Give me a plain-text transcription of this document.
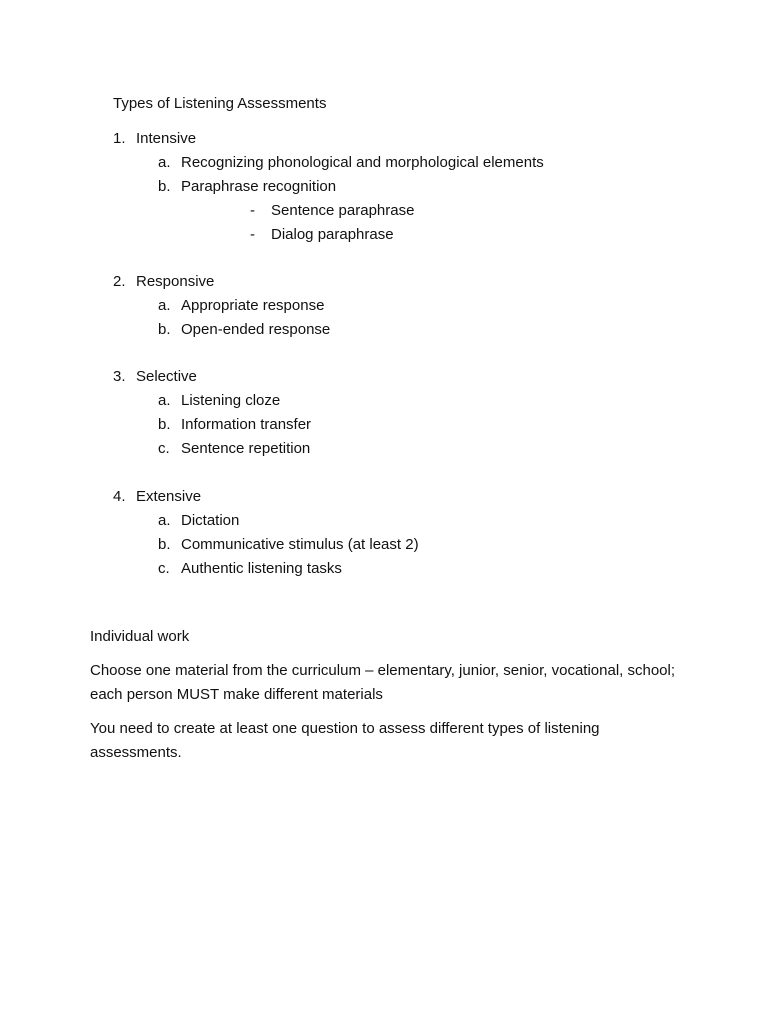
Types of Listening Assessments
1. Intensive
a. Recognizing phonological and morphological elements
b. Paraphrase recognition
- Sentence paraphrase
- Dialog paraphrase
2. Responsive
a. Appropriate response
b. Open-ended response
3. Selective
a. Listening cloze
b. Information transfer
c. Sentence repetition
4. Extensive
a. Dictation
b. Communicative stimulus (at least 2)
c. Authentic listening tasks
Individual work
Choose one material from the curriculum – elementary, junior, senior, vocational, school; each person MUST make different materials
You need to create at least one question to assess different types of listening assessments.
